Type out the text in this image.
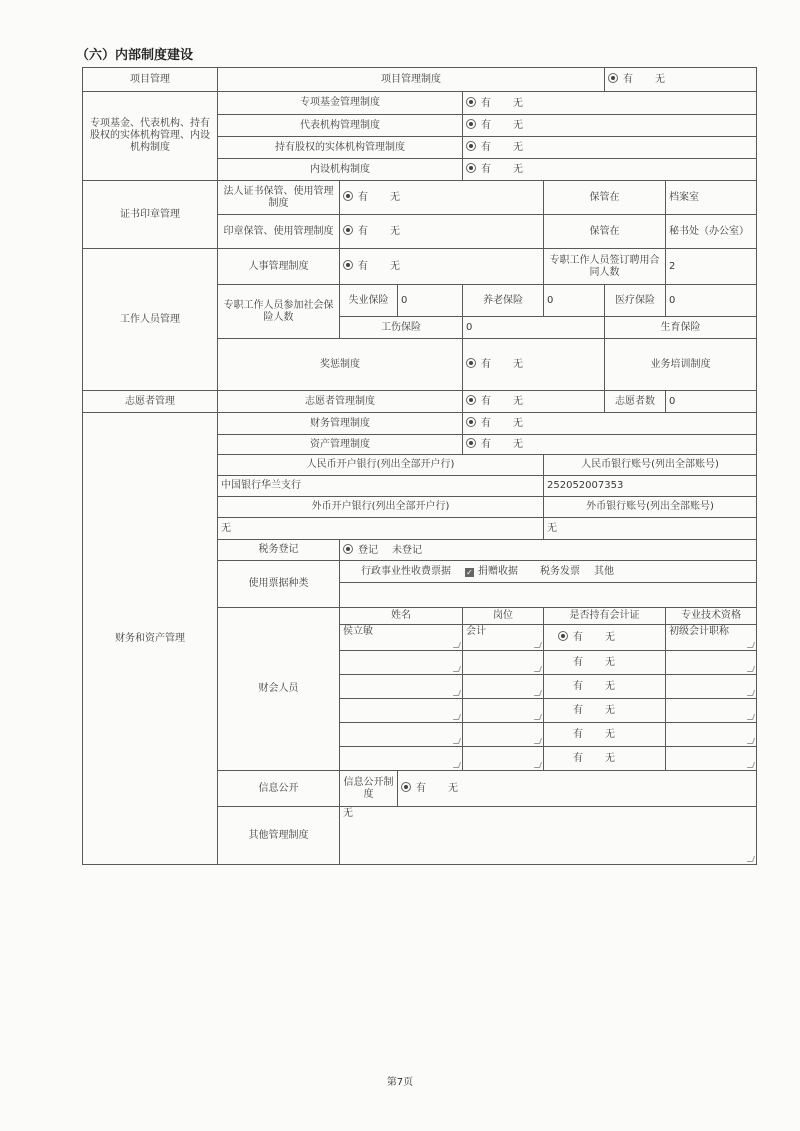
（六）内部制度建设
项目管理	项目管理制度					有 无		
专项基金、代表机构、持有股权的实体机构管理、内设机构制度	专项基金管理制度			有 无				
	代表机构管理制度			有 无				
	持有股权的实体机构管理制度			有 无				
	内设机构制度			有 无				
证书印章管理	法人证书保管、使用管理制度	有 无			保管在		档案室	
	印章保管、使用管理制度	有 无			保管在		秘书处（办公室）	
工作人员管理	人事管理制度	有 无			专职工作人员签订聘用合同人数		2	
	专职工作人员参加社会保险人数	失业保险	0	养老保险	0	医疗保险	0	
		工伤保险		0		生育保险	
	奖惩制度			有 无		业务培训制度	
志愿者管理	志愿者管理制度			有 无		志愿者数	0	
财务和资产管理	财务管理制度			有 无				
	资产管理制度			有 无				
	人民币开户银行(列出全部开户行)				人民币银行账号(列出全部账号)			
	中国银行华兰支行				252052007353			
	外币开户银行(列出全部开户行)				外币银行账号(列出全部账号)			
	无				无			
	税务登记	登记 未登记						
	使用票据种类	行政事业性收费票据 ✓ 捐赠收据 税务发票 其他						

	财会人员	姓名		岗位	是否持有会计证		专业技术资格	
		侯立敏		会计	有 无		初级会计职称	
					有 无			
					有 无			
					有 无			
					有 无			
					有 无			
	信息公开	信息公开制度	有 无					
	其他管理制度	无						
第7页
